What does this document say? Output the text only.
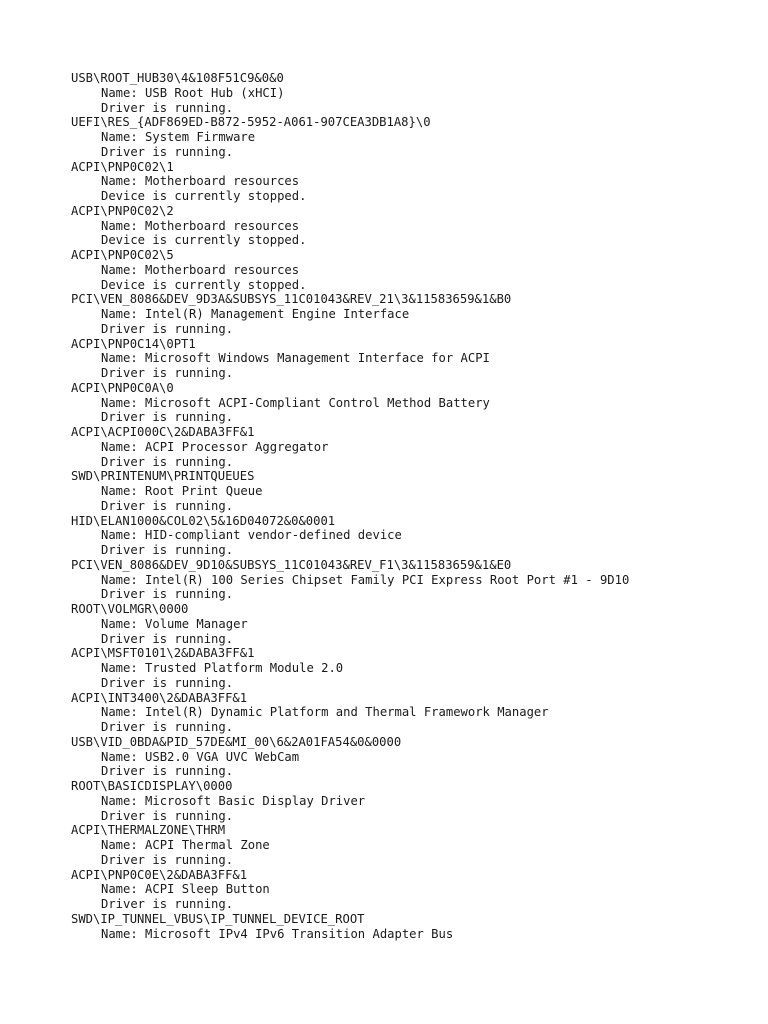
USB\ROOT_HUB30\4&108F51C9&0&0
Name: USB Root Hub (xHCI)
Driver is running.
UEFI\RES_{ADF869ED-B872-5952-A061-907CEA3DB1A8}\0
Name: System Firmware
Driver is running.
ACPI\PNP0C02\1
Name: Motherboard resources
Device is currently stopped.
ACPI\PNP0C02\2
Name: Motherboard resources
Device is currently stopped.
ACPI\PNP0C02\5
Name: Motherboard resources
Device is currently stopped.
PCI\VEN_8086&DEV_9D3A&SUBSYS_11C01043&REV_21\3&11583659&1&B0
Name: Intel(R) Management Engine Interface
Driver is running.
ACPI\PNP0C14\0PT1
Name: Microsoft Windows Management Interface for ACPI
Driver is running.
ACPI\PNP0C0A\0
Name: Microsoft ACPI-Compliant Control Method Battery
Driver is running.
ACPI\ACPI000C\2&DABA3FF&1
Name: ACPI Processor Aggregator
Driver is running.
SWD\PRINTENUM\PRINTQUEUES
Name: Root Print Queue
Driver is running.
HID\ELAN1000&COL02\5&16D04072&0&0001
Name: HID-compliant vendor-defined device
Driver is running.
PCI\VEN_8086&DEV_9D10&SUBSYS_11C01043&REV_F1\3&11583659&1&E0
Name: Intel(R) 100 Series Chipset Family PCI Express Root Port #1 - 9D10
Driver is running.
ROOT\VOLMGR\0000
Name: Volume Manager
Driver is running.
ACPI\MSFT0101\2&DABA3FF&1
Name: Trusted Platform Module 2.0
Driver is running.
ACPI\INT3400\2&DABA3FF&1
Name: Intel(R) Dynamic Platform and Thermal Framework Manager
Driver is running.
USB\VID_0BDA&PID_57DE&MI_00\6&2A01FA54&0&0000
Name: USB2.0 VGA UVC WebCam
Driver is running.
ROOT\BASICDISPLAY\0000
Name: Microsoft Basic Display Driver
Driver is running.
ACPI\THERMALZONE\THRM
Name: ACPI Thermal Zone
Driver is running.
ACPI\PNP0C0E\2&DABA3FF&1
Name: ACPI Sleep Button
Driver is running.
SWD\IP_TUNNEL_VBUS\IP_TUNNEL_DEVICE_ROOT
Name: Microsoft IPv4 IPv6 Transition Adapter Bus
